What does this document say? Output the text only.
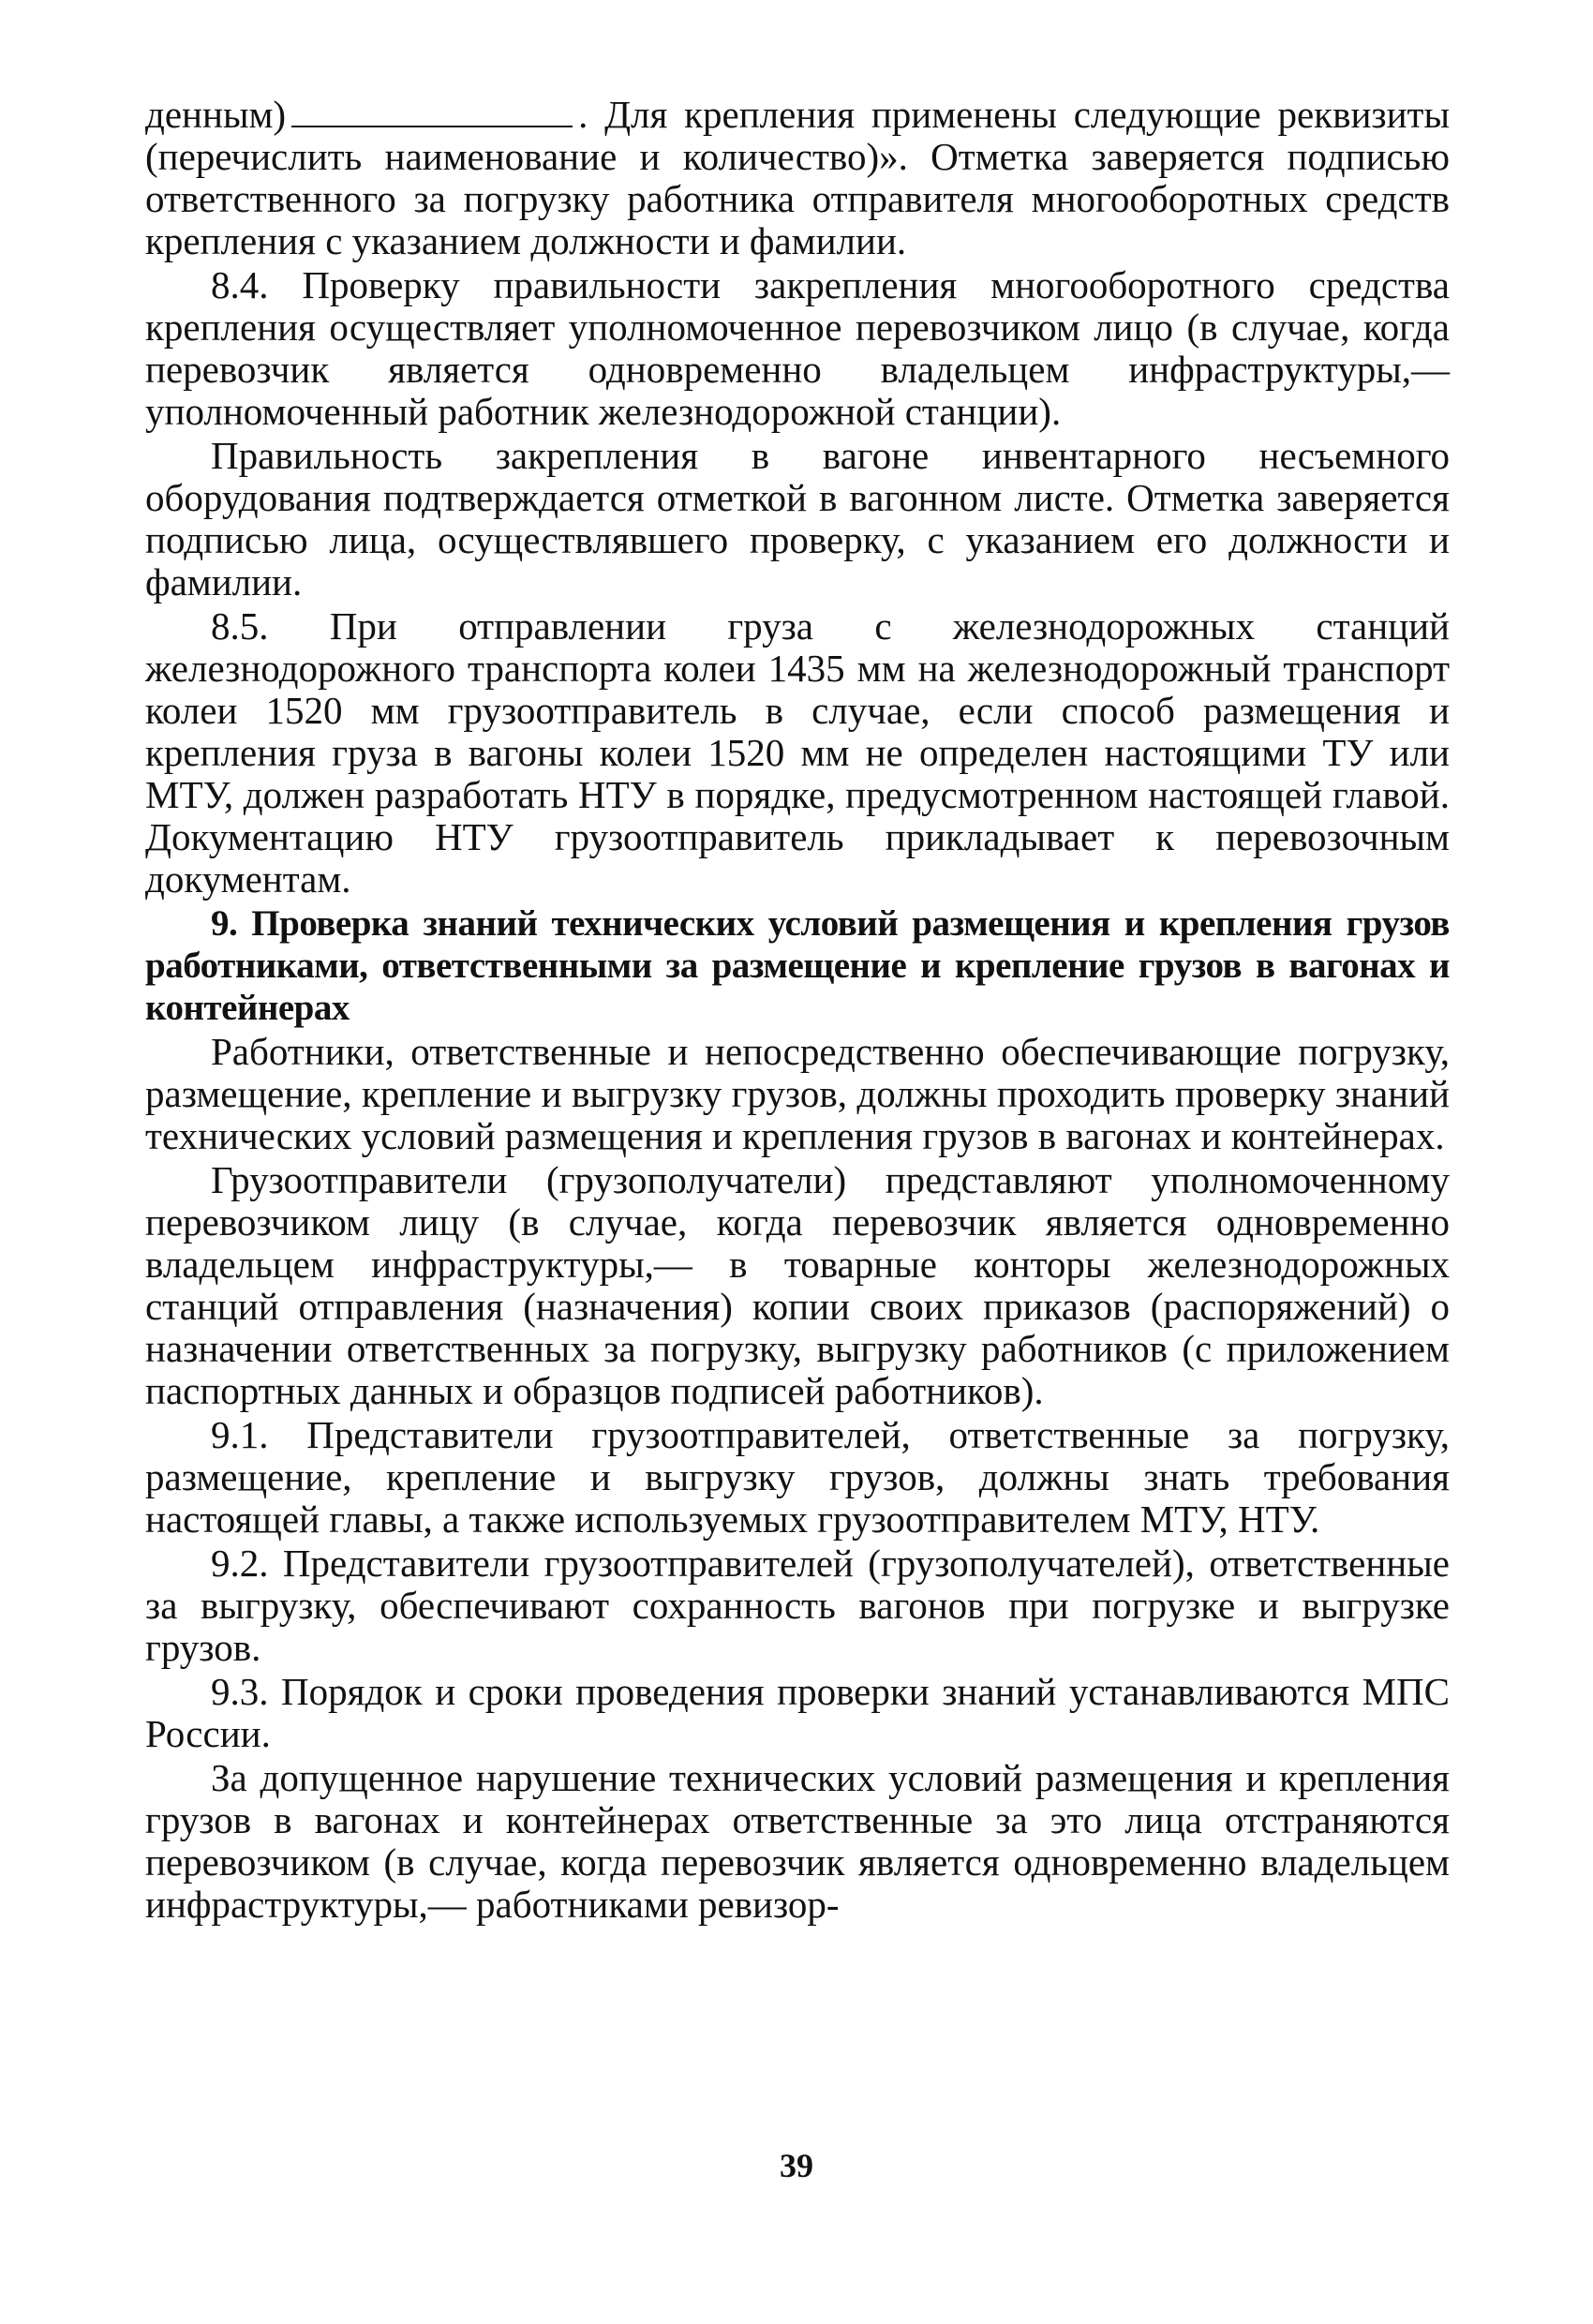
денным)	. Для крепления применены следующие реквизиты (перечислить наименование и количество)». Отметка заверяется подписью ответственного за погрузку работника отправителя многооборотных средств крепления с указанием должности и фамилии.

8.4. Проверку правильности закрепления многооборотного средства крепления осуществляет уполномоченное перевозчиком лицо (в случае, когда перевозчик является одновременно владельцем инфраструктуры,— уполномоченный работник железнодорожной станции).

Правильность закрепления в вагоне инвентарного несъемного оборудования подтверждается отметкой в вагонном листе. Отметка заверяется подписью лица, осуществлявшего проверку, с указанием его должности и фамилии.

8.5. При отправлении груза с железнодорожных станций железнодорожного транспорта колеи 1435 мм на железнодорожный транспорт колеи 1520 мм грузоотправитель в случае, если способ размещения и крепления груза в вагоны колеи 1520 мм не определен настоящими ТУ или МТУ, должен разработать НТУ в порядке, предусмотренном настоящей главой. Документацию НТУ грузоотправитель прикладывает к перевозочным документам.

9. Проверка знаний технических условий размещения и крепления грузов работниками, ответственными за размещение и крепление грузов в вагонах и контейнерах

Работники, ответственные и непосредственно обеспечивающие погрузку, размещение, крепление и выгрузку грузов, должны проходить проверку знаний технических условий размещения и крепления грузов в вагонах и контейнерах.

Грузоотправители (грузополучатели) представляют уполномоченному перевозчиком лицу (в случае, когда перевозчик является одновременно владельцем инфраструктуры,— в товарные конторы железнодорожных станций отправления (назначения) копии своих приказов (распоряжений) о назначении ответственных за погрузку, выгрузку работников (с приложением паспортных данных и образцов подписей работников).

9.1. Представители грузоотправителей, ответственные за погрузку, размещение, крепление и выгрузку грузов, должны знать требования настоящей главы, а также используемых грузоотправителем МТУ, НТУ.

9.2. Представители грузоотправителей (грузополучателей), ответственные за выгрузку, обеспечивают сохранность вагонов при погрузке и выгрузке грузов.

9.3. Порядок и сроки проведения проверки знаний устанавливаются МПС России.

За допущенное нарушение технических условий размещения и крепления грузов в вагонах и контейнерах ответственные за это лица отстраняются перевозчиком (в случае, когда перевозчик является одновременно владельцем инфраструктуры,— работниками ревизор-

39
